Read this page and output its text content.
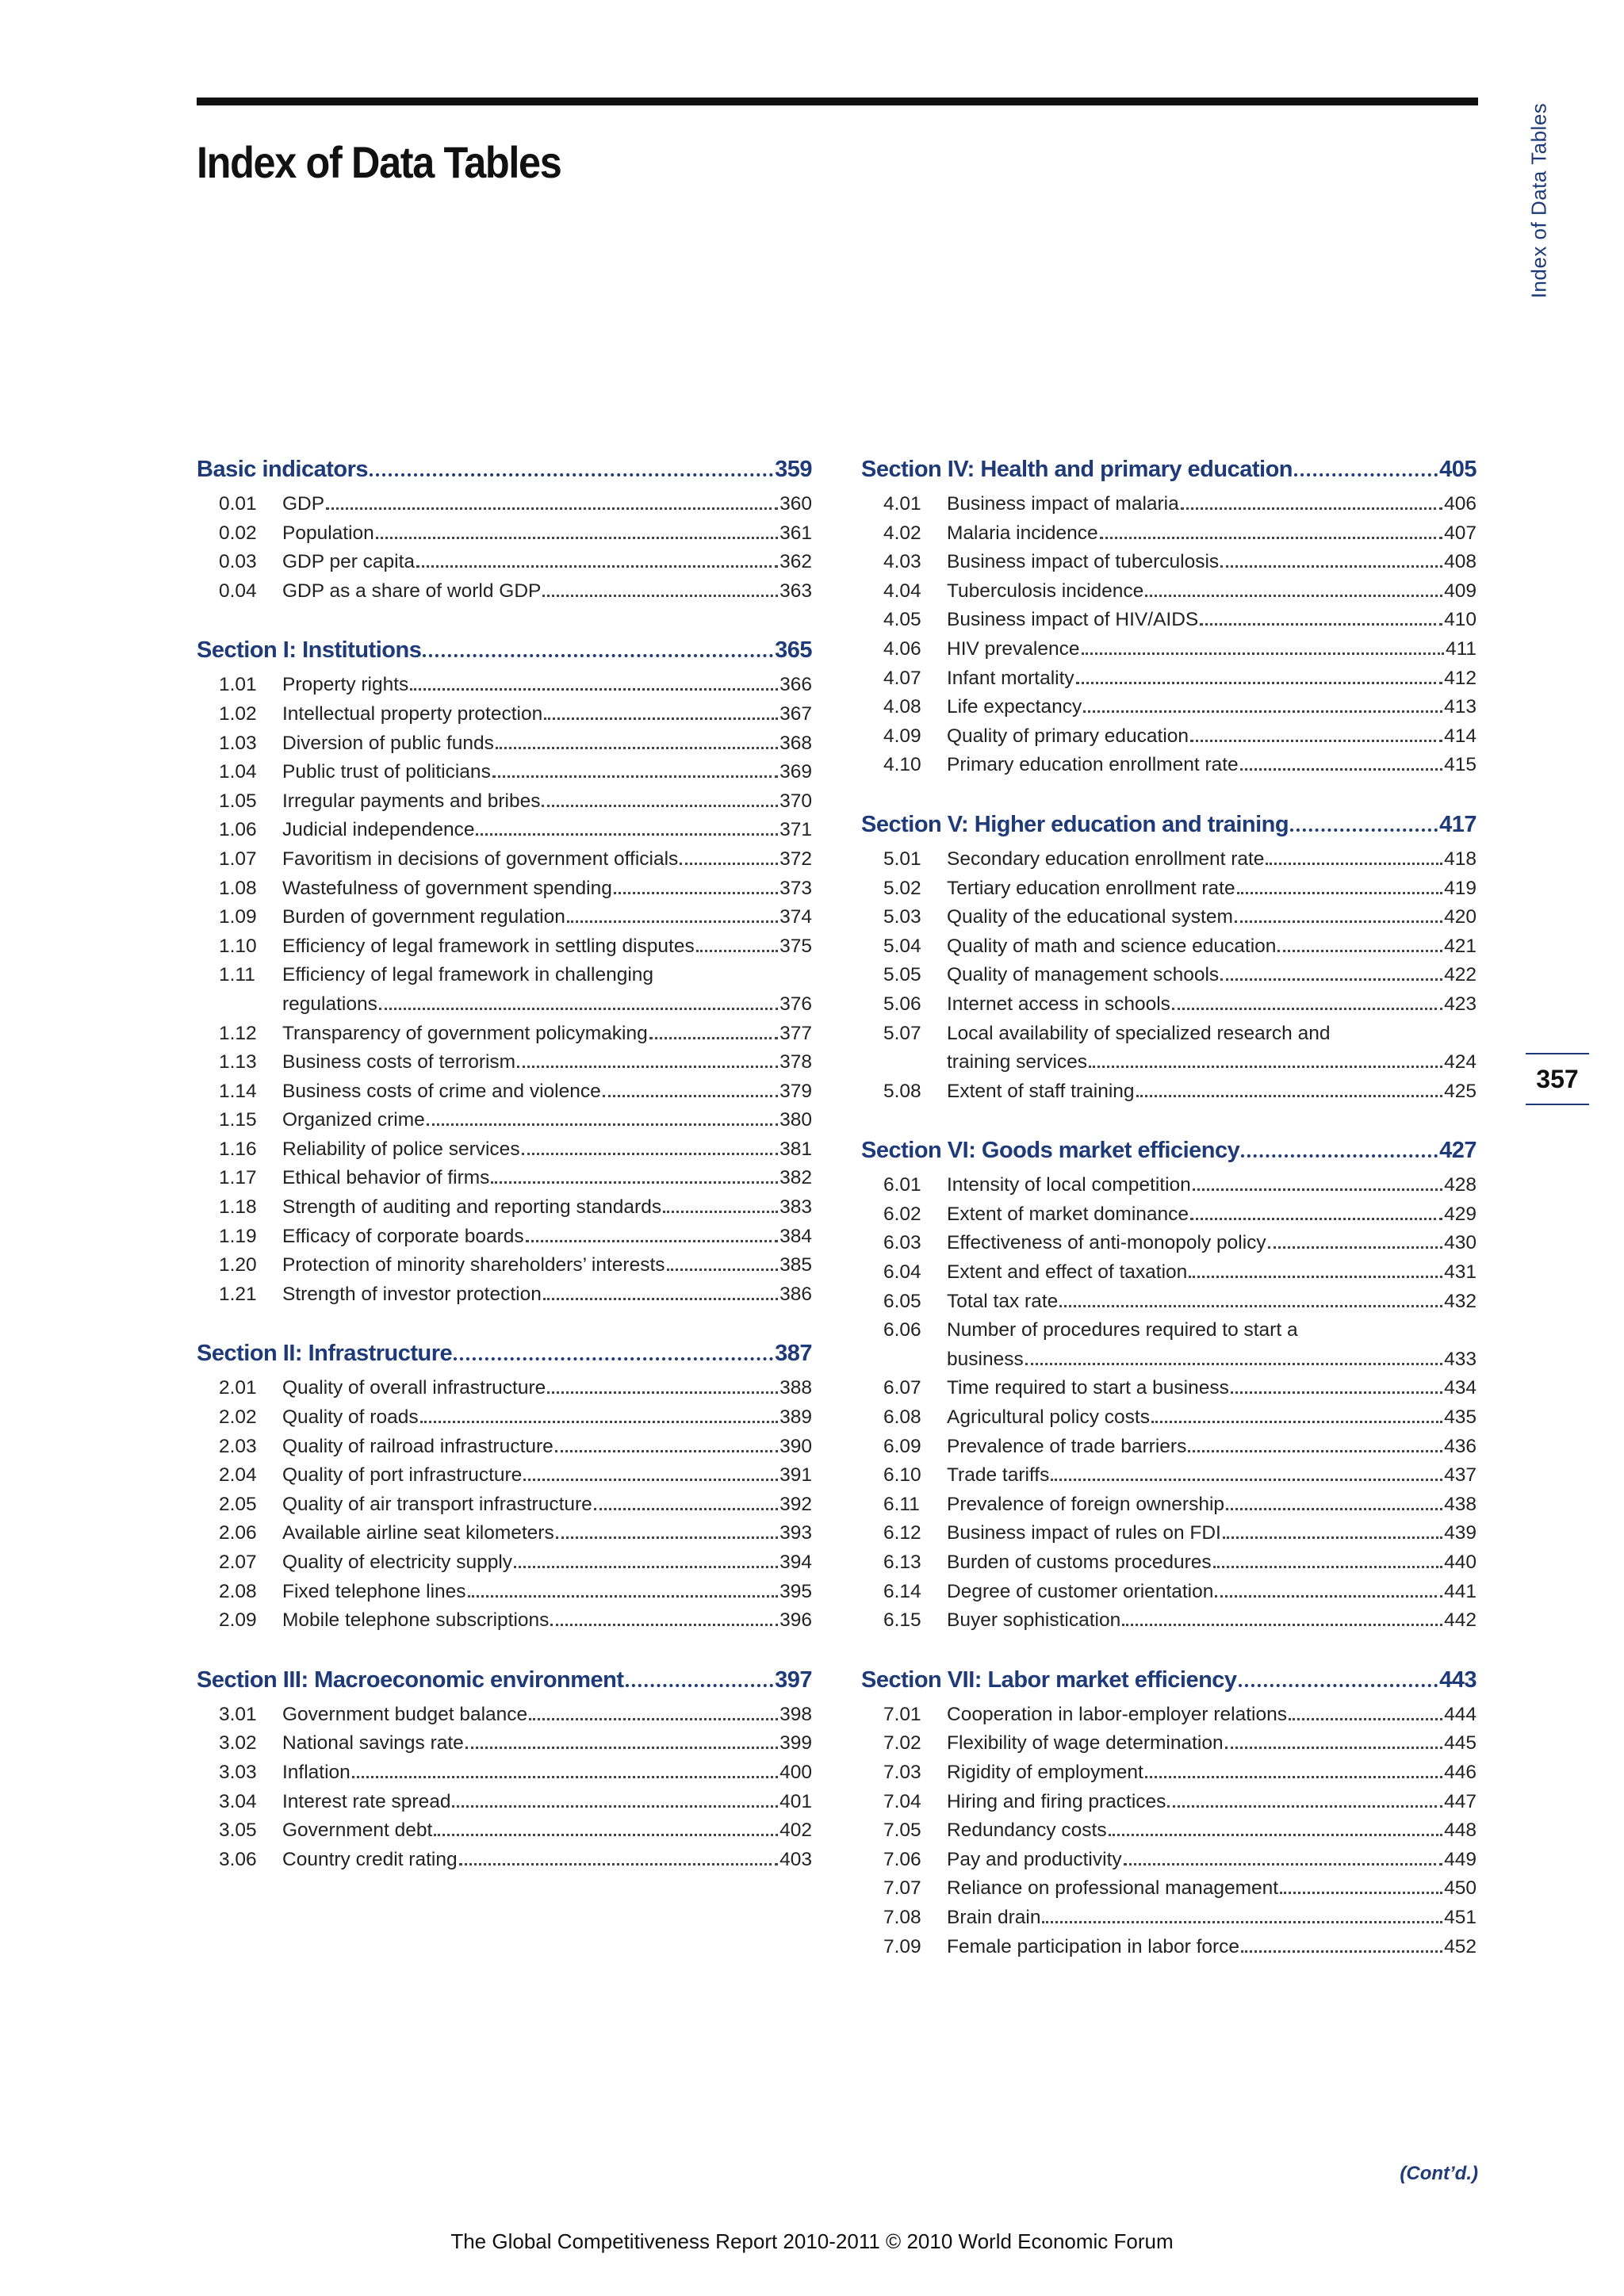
Index of Data Tables	Index of Data Tables
357
Basic indicators	359
0.01	GDP	360
0.02	Population	361
0.03	GDP per capita	362
0.04	GDP as a share of world GDP	363
Section I: Institutions	365
1.01	Property rights	366
1.02	Intellectual property protection	367
1.03	Diversion of public funds	368
1.04	Public trust of politicians	369
1.05	Irregular payments and bribes	370
1.06	Judicial independence	371
1.07	Favoritism in decisions of government officials	372
1.08	Wastefulness of government spending	373
1.09	Burden of government regulation	374
1.10	Efficiency of legal framework in settling disputes	375
1.11	Efficiency of legal framework in challenging
regulations	376
1.12	Transparency of government policymaking	377
1.13	Business costs of terrorism	378
1.14	Business costs of crime and violence	379
1.15	Organized crime	380
1.16	Reliability of police services	381
1.17	Ethical behavior of firms	382
1.18	Strength of auditing and reporting standards	383
1.19	Efficacy of corporate boards	384
1.20	Protection of minority shareholders’ interests	385
1.21	Strength of investor protection	386
Section II: Infrastructure	387
2.01	Quality of overall infrastructure	388
2.02	Quality of roads	389
2.03	Quality of railroad infrastructure	390
2.04	Quality of port infrastructure	391
2.05	Quality of air transport infrastructure	392
2.06	Available airline seat kilometers	393
2.07	Quality of electricity supply	394
2.08	Fixed telephone lines	395
2.09	Mobile telephone subscriptions	396
Section III: Macroeconomic environment	397
3.01	Government budget balance	398
3.02	National savings rate	399
3.03	Inflation	400
3.04	Interest rate spread	401
3.05	Government debt	402
3.06	Country credit rating	403
Section IV: Health and primary education	405
4.01	Business impact of malaria	406
4.02	Malaria incidence	407
4.03	Business impact of tuberculosis	408
4.04	Tuberculosis incidence	409
4.05	Business impact of HIV/AIDS	410
4.06	HIV prevalence	411
4.07	Infant mortality	412
4.08	Life expectancy	413
4.09	Quality of primary education	414
4.10	Primary education enrollment rate	415
Section V: Higher education and training	417
5.01	Secondary education enrollment rate	418
5.02	Tertiary education enrollment rate	419
5.03	Quality of the educational system	420
5.04	Quality of math and science education	421
5.05	Quality of management schools	422
5.06	Internet access in schools	423
5.07	Local availability of specialized research and
training services	424
5.08	Extent of staff training	425
Section VI: Goods market efficiency	427
6.01	Intensity of local competition	428
6.02	Extent of market dominance	429
6.03	Effectiveness of anti-monopoly policy	430
6.04	Extent and effect of taxation	431
6.05	Total tax rate	432
6.06	Number of procedures required to start a
business	433
6.07	Time required to start a business	434
6.08	Agricultural policy costs	435
6.09	Prevalence of trade barriers	436
6.10	Trade tariffs	437
6.11	Prevalence of foreign ownership	438
6.12	Business impact of rules on FDI	439
6.13	Burden of customs procedures	440
6.14	Degree of customer orientation	441
6.15	Buyer sophistication	442
Section VII: Labor market efficiency	443
7.01	Cooperation in labor-employer relations	444
7.02	Flexibility of wage determination	445
7.03	Rigidity of employment	446
7.04	Hiring and firing practices	447
7.05	Redundancy costs	448
7.06	Pay and productivity	449
7.07	Reliance on professional management	450
7.08	Brain drain	451
7.09	Female participation in labor force	452
(Cont’d.)
The Global Competitiveness Report 2010-2011 © 2010 World Economic Forum
